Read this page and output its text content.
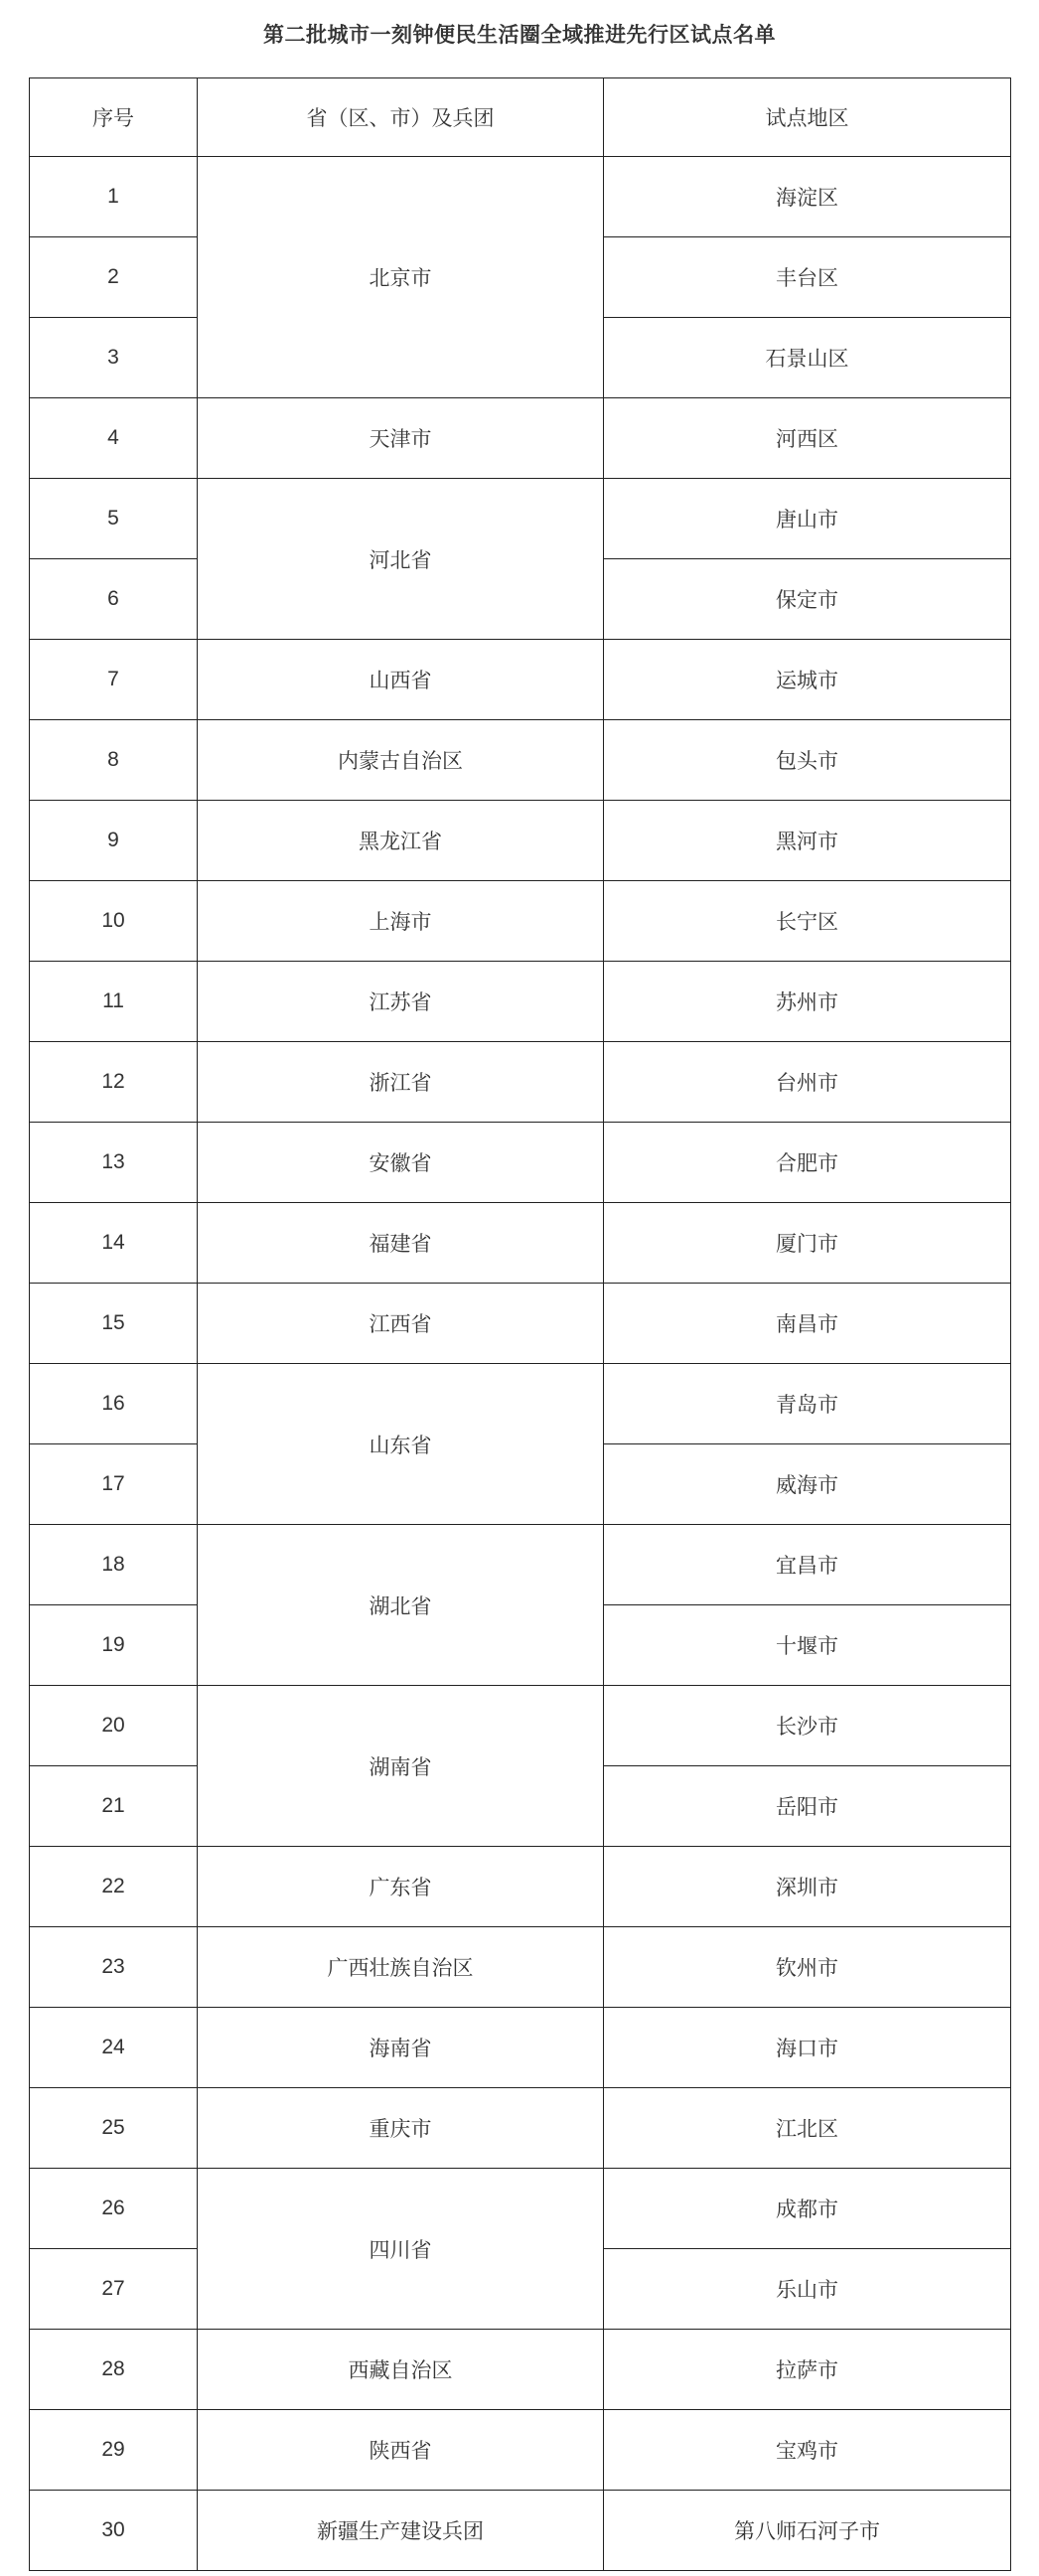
第二批城市一刻钟便民生活圈全域推进先行区试点名单
序号	省（区、市）及兵团	试点地区
1	北京市	海淀区
2		丰台区
3		石景山区
4	天津市	河西区
5	河北省	唐山市
6		保定市
7	山西省	运城市
8	内蒙古自治区	包头市
9	黑龙江省	黑河市
10	上海市	长宁区
11	江苏省	苏州市
12	浙江省	台州市
13	安徽省	合肥市
14	福建省	厦门市
15	江西省	南昌市
16	山东省	青岛市
17		威海市
18	湖北省	宜昌市
19		十堰市
20	湖南省	长沙市
21		岳阳市
22	广东省	深圳市
23	广西壮族自治区	钦州市
24	海南省	海口市
25	重庆市	江北区
26	四川省	成都市
27		乐山市
28	西藏自治区	拉萨市
29	陕西省	宝鸡市
30	新疆生产建设兵团	第八师石河子市
